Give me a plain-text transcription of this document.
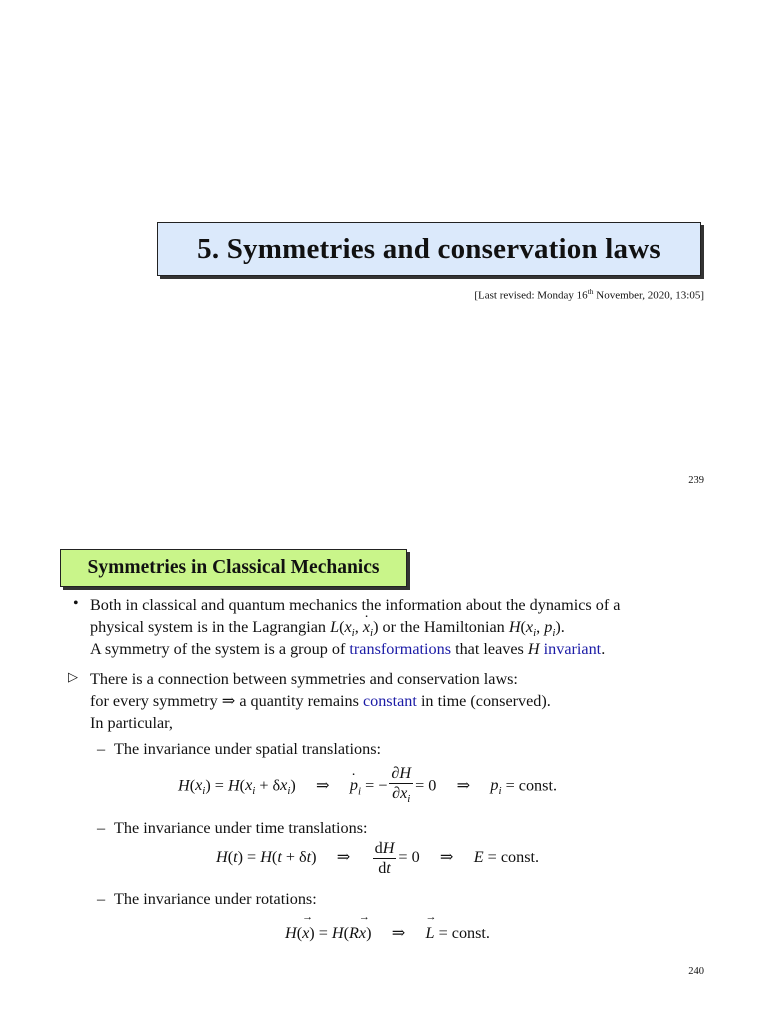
5. Symmetries and conservation laws
[Last revised: Monday 16th November, 2020, 13:05]
239
Symmetries in Classical Mechanics
• Both in classical and quantum mechanics the information about the dynamics of a
physical system is in the Lagrangian $L(x_i$, ˙ $x_i$) or the Hamiltonian $H(x_i$, $p_i$).
A symmetry of the system is a group of transformations that leaves H invariant.
▷ There is a connection between symmetries and conservation laws:
for every symmetry ⇒ a quantity remains constant in time (conserved).
In particular,
– The invariance under spatial translations:
$H(x_i) = H(x_i + \delta x_i)$     ⇒     ˙ $p_i$ = − $\frac{\partial H}{\partial x_i} = 0$     ⇒     $p_i$ = const.
– The invariance under time translations:
H(t) = H(t + δt)     ⇒ $\frac{dH}{dt} = 0$     ⇒     E = const.
– The invariance under rotations:
H(→ x) = H(R→ x)     ⇒     → L = const.
240
